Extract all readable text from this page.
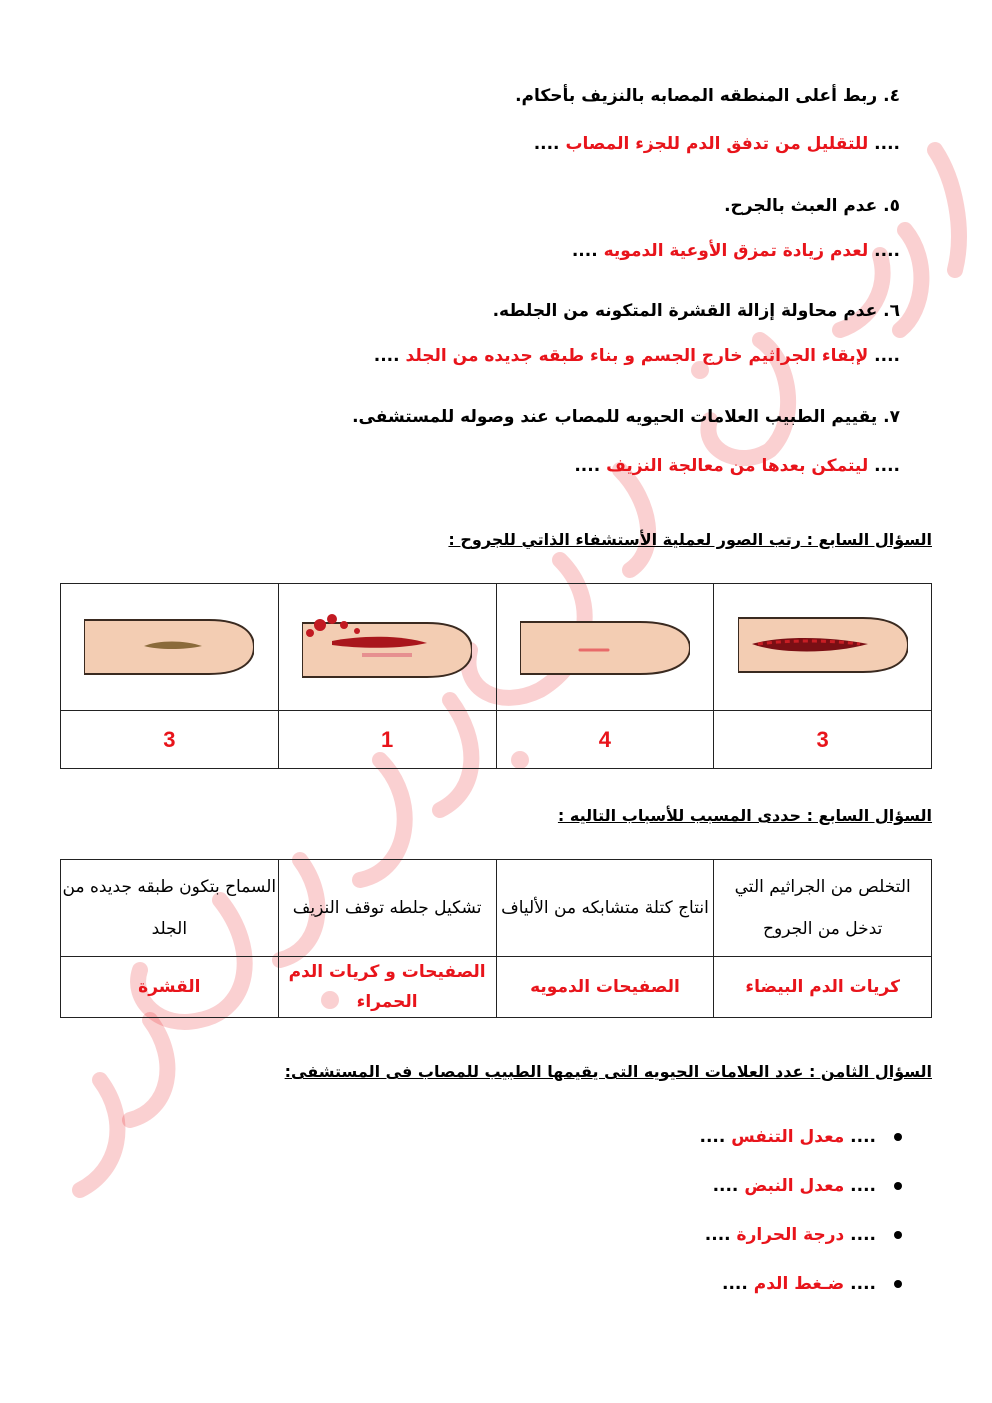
٤. ربط أعلى المنطقه المصابه بالنزيف بأحكام.
.... للتقليل من تدفق الدم للجزء المصاب ....
٥. عدم العبث بالجرح.
.... لعدم زيادة تمزق الأوعية الدمويه ....
٦. عدم محاولة إزالة القشرة المتكونه من الجلطه.
.... لإبقاء الجراثيم خارج الجسم و بناء طبقه جديده من الجلد ....
٧. يقييم الطبيب العلامات الحيويه للمصاب عند وصوله للمستشفى.
.... ليتمكن بعدها من معالجة النزيف ....
السؤال السابع : رتب الصور لعملية الأستشفاء الذاتي للجروح :

3	4	1	3
السؤال السابع : حددى المسبب للأسباب التاليه :
التخلص من الجراثيم التي تدخل من الجروح	انتاج كتلة متشابكه من الألياف	تشكيل جلطه توقف النزيف	السماح بتكون طبقه جديده من الجلد
كريات الدم البيضاء	الصفيحات الدمويه	الصفيحات و كريات الدم الحمراء	القشرة
السؤال الثامن : عدد العلامات الحيويه التى يقيمها الطبيب للمصاب فى المستشفى:
....

معدل التنفس

....
....

معدل النبض

....
....

درجة الحرارة

....
....

ضـغط الدم

....
